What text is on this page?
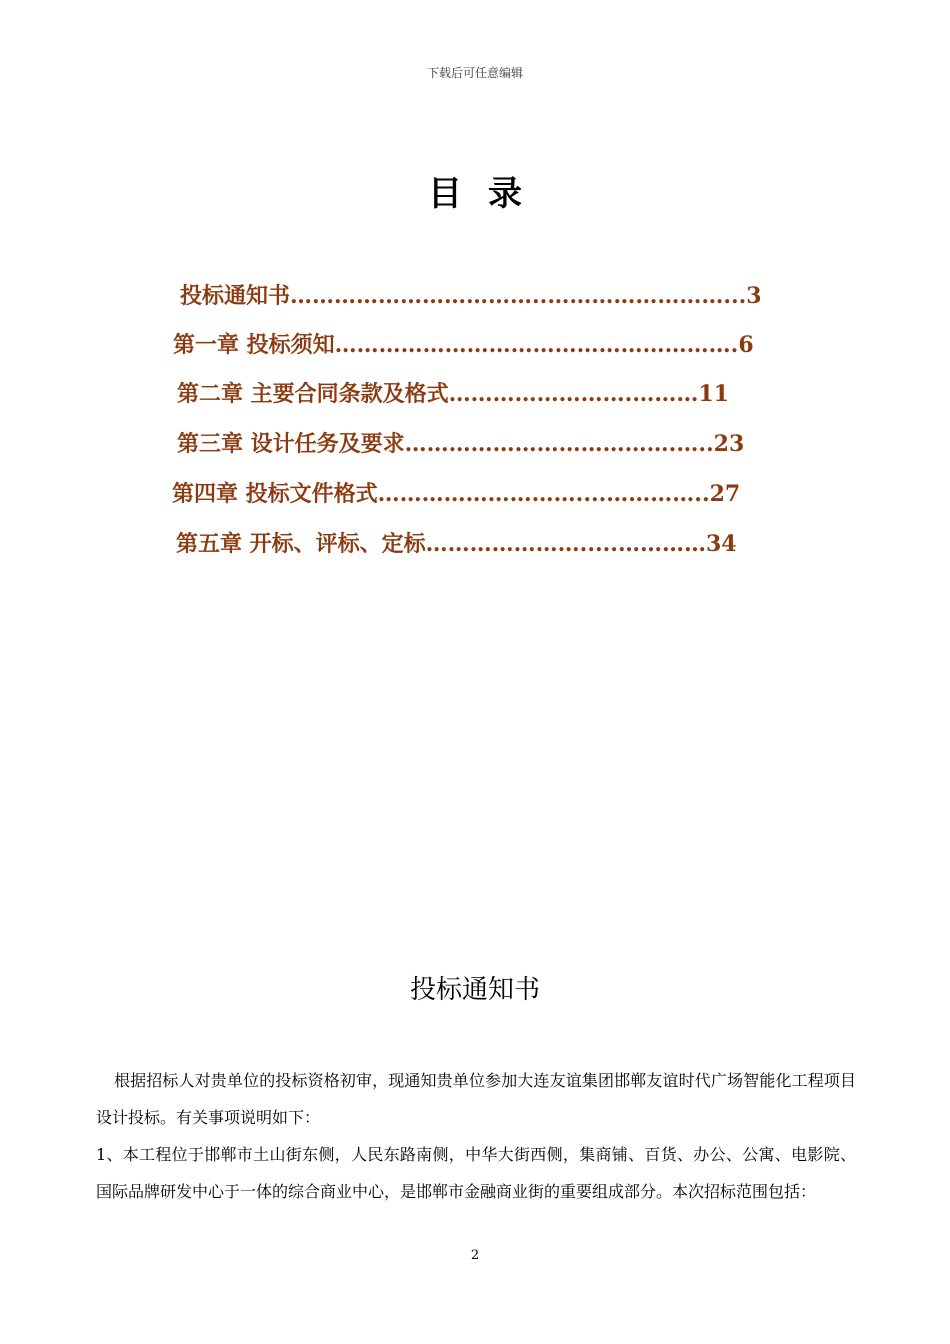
下载后可任意编辑
目录
投标通知书……………………………..……………………...3
第一章 投标须知……………………………………………….6
第二章 主要合同条款及格式…………………….………11
第三章 设计任务及要求……………………………….…..23
第四章 投标文件格式………………………....…………..27
第五章 开标、评标、定标………………….....…………34
投标通知书
根据招标人对贵单位的投标资格初审，现通知贵单位参加大连友谊集团邯郸友谊时代广场智能化工程项目设计投标。有关事项说明如下：
1、本工程位于邯郸市土山街东侧，人民东路南侧，中华大街西侧，集商铺、百货、办公、公寓、电影院、国际品牌研发中心于一体的综合商业中心，是邯郸市金融商业街的重要组成部分。本次招标范围包括：
2
